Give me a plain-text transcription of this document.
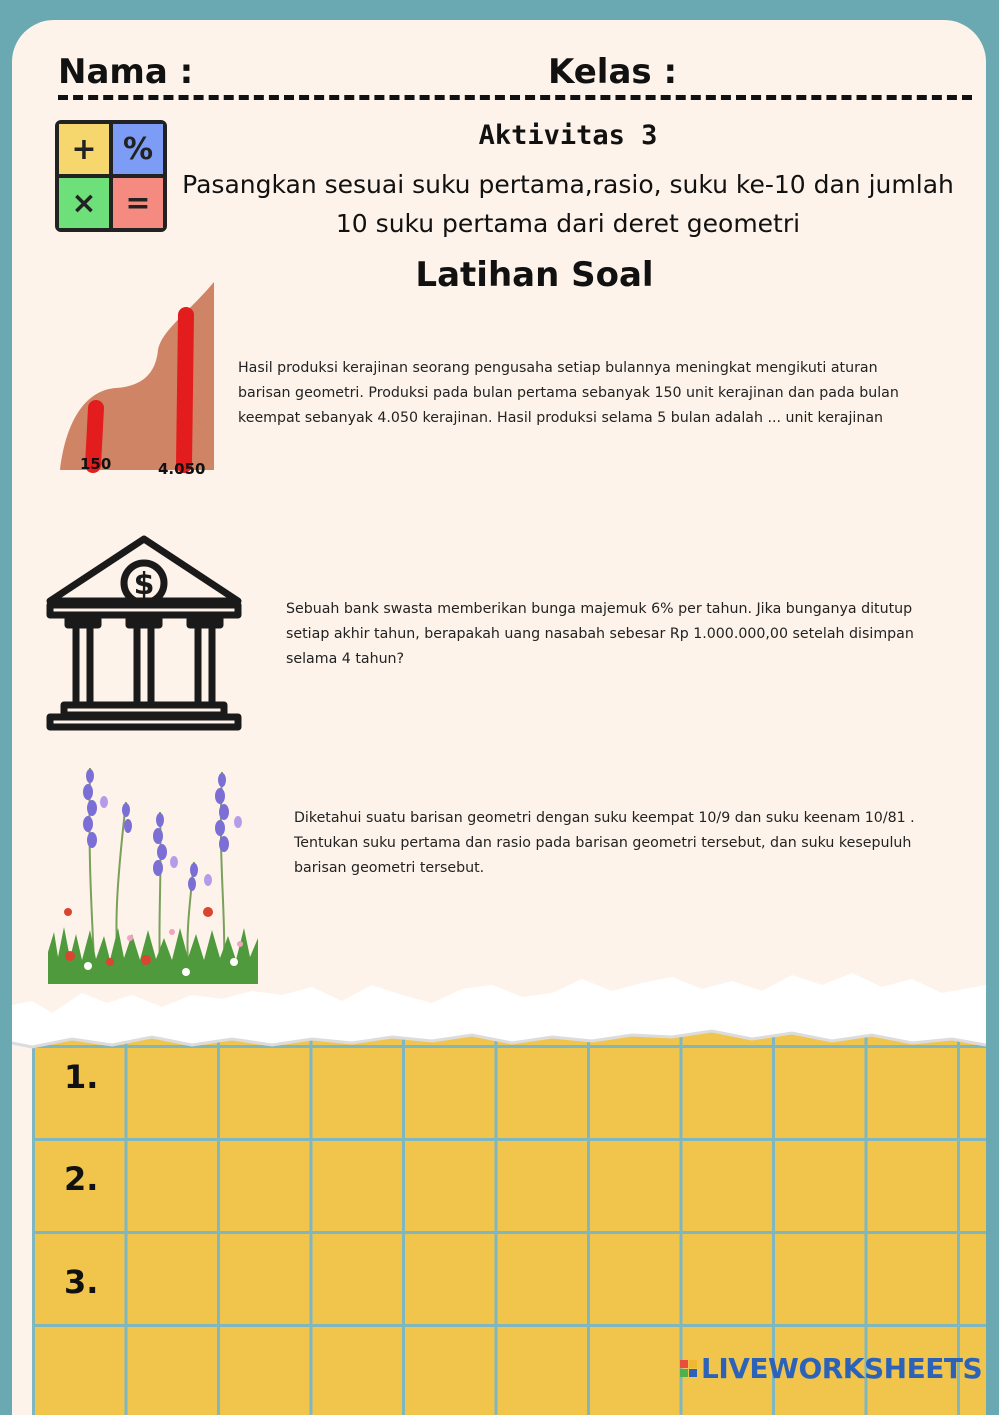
Nama :	Kelas :
+ %
× =
Aktivitas 3
Pasangkan sesuai suku pertama,rasio, suku ke-10 dan jumlah 10 suku pertama dari deret geometri
Latihan Soal
150	4.050
Hasil produksi kerajinan seorang pengusaha setiap bulannya meningkat mengikuti aturan barisan geometri. Produksi pada bulan pertama sebanyak 150 unit kerajinan dan pada bulan keempat sebanyak 4.050 kerajinan. Hasil produksi selama 5 bulan adalah ... unit kerajinan
$
Sebuah bank swasta memberikan bunga majemuk 6% per tahun. Jika bunganya ditutup setiap akhir tahun, berapakah uang nasabah sebesar Rp 1.000.000,00 setelah disimpan selama 4 tahun?
Diketahui suatu barisan geometri dengan suku keempat 10/9 dan suku keenam 10/81 . Tentukan suku pertama dan rasio pada barisan geometri tersebut, dan suku kesepuluh barisan geometri tersebut.
1.
2.
3.
LIVEWORKSHEETS
